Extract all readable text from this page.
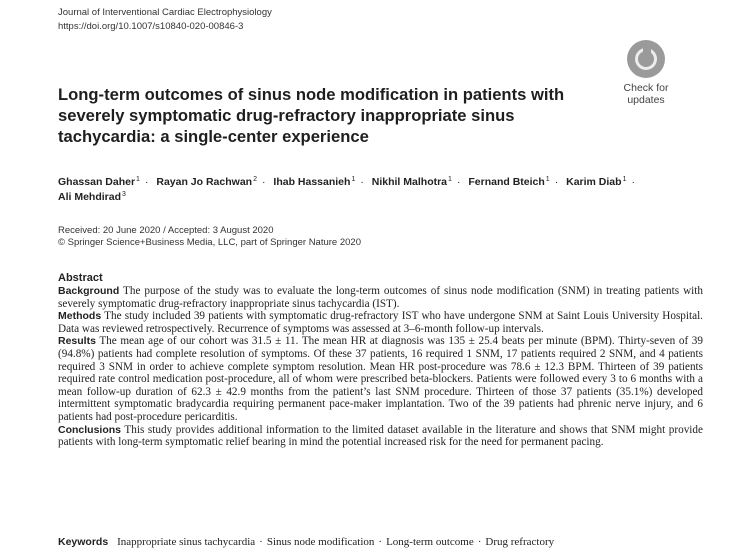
Journal of Interventional Cardiac Electrophysiology
https://doi.org/10.1007/s10840-020-00846-3
Check for
updates
Long-term outcomes of sinus node modification in patients with severely symptomatic drug-refractory inappropriate sinus tachycardia: a single-center experience
Ghassan Daher$^1$ · Rayan Jo Rachwan$^2$ · Ihab Hassanieh$^1$ · Nikhil Malhotra$^1$ · Fernand Bteich$^1$ · Karim Diab$^1$ ·
Ali Mehdirad$^3$
Received: 20 June 2020 / Accepted: 3 August 2020
© Springer Science+Business Media, LLC, part of Springer Nature 2020
Abstract

Background The purpose of the study was to evaluate the long-term outcomes of sinus node modification (SNM) in treating patients with severely symptomatic drug-refractory inappropriate sinus tachycardia (IST).

Methods The study included 39 patients with symptomatic drug-refractory IST who have undergone SNM at Saint Louis University Hospital. Data was reviewed retrospectively. Recurrence of symptoms was assessed at 3–6-month follow-up intervals.

Results The mean age of our cohort was 31.5 ± 11. The mean HR at diagnosis was 135 ± 25.4 beats per minute (BPM). Thirty-seven of 39 (94.8%) patients had complete resolution of symptoms. Of these 37 patients, 16 required 1 SNM, 17 patients required 2 SNM, and 4 patients required 3 SNM in order to achieve complete symptom resolution. Mean HR post-procedure was 78.6 ± 12.3 BPM. Thirteen of 39 patients required rate control medication post-procedure, all of whom were prescribed beta-blockers. Patients were followed every 3 to 6 months with a mean follow-up duration of 62.3 ± 42.9 months from the patient’s last SNM procedure. Thirteen of those 37 patients (35.1%) developed intermittent symptomatic bradycardia requiring permanent pace-maker implantation. Two of the 39 patients had phrenic nerve injury, and 6 patients had post-procedure pericarditis.

Conclusions This study provides additional information to the limited dataset available in the literature and shows that SNM might provide patients with long-term symptomatic relief bearing in mind the potential increased risk for the need for permanent pacing.

Keywords Inappropriate sinus tachycardia · Sinus node modification · Long-term outcome · Drug refractory
